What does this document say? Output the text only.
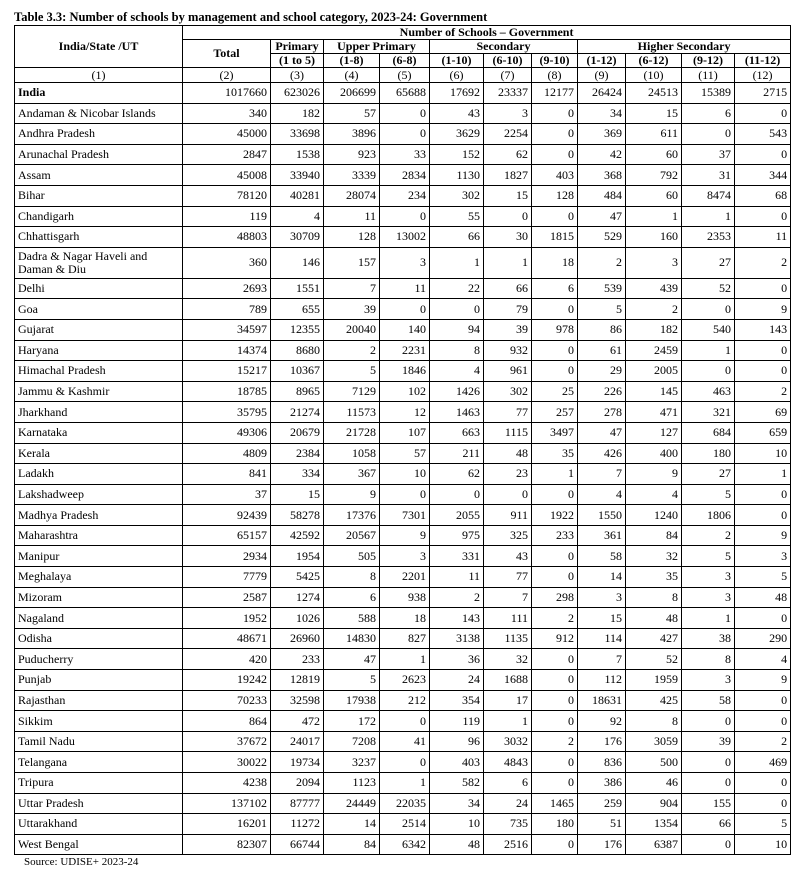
Table 3.3: Number of schools by management and school category, 2023-24: Government
India/State /UT	Number of Schools – Government										
	Total	Primary	Upper Primary		Secondary			Higher Secondary			
		(1 to 5)	(1-8)	(6-8)	(1-10)	(6-10)	(9-10)	(1-12)	(6-12)	(9-12)	(11-12)
(1)	(2)	(3)	(4)	(5)	(6)	(7)	(8)	(9)	(10)	(11)	(12)
India	1017660	623026	206699	65688	17692	23337	12177	26424	24513	15389	2715
Andaman & Nicobar Islands	340	182	57	0	43	3	0	34	15	6	0
Andhra Pradesh	45000	33698	3896	0	3629	2254	0	369	611	0	543
Arunachal Pradesh	2847	1538	923	33	152	62	0	42	60	37	0
Assam	45008	33940	3339	2834	1130	1827	403	368	792	31	344
Bihar	78120	40281	28074	234	302	15	128	484	60	8474	68
Chandigarh	119	4	11	0	55	0	0	47	1	1	0
Chhattisgarh	48803	30709	128	13002	66	30	1815	529	160	2353	11
Dadra & Nagar Haveli and Daman & Diu	360	146	157	3	1	1	18	2	3	27	2
Delhi	2693	1551	7	11	22	66	6	539	439	52	0
Goa	789	655	39	0	0	79	0	5	2	0	9
Gujarat	34597	12355	20040	140	94	39	978	86	182	540	143
Haryana	14374	8680	2	2231	8	932	0	61	2459	1	0
Himachal Pradesh	15217	10367	5	1846	4	961	0	29	2005	0	0
Jammu & Kashmir	18785	8965	7129	102	1426	302	25	226	145	463	2
Jharkhand	35795	21274	11573	12	1463	77	257	278	471	321	69
Karnataka	49306	20679	21728	107	663	1115	3497	47	127	684	659
Kerala	4809	2384	1058	57	211	48	35	426	400	180	10
Ladakh	841	334	367	10	62	23	1	7	9	27	1
Lakshadweep	37	15	9	0	0	0	0	4	4	5	0
Madhya Pradesh	92439	58278	17376	7301	2055	911	1922	1550	1240	1806	0
Maharashtra	65157	42592	20567	9	975	325	233	361	84	2	9
Manipur	2934	1954	505	3	331	43	0	58	32	5	3
Meghalaya	7779	5425	8	2201	11	77	0	14	35	3	5
Mizoram	2587	1274	6	938	2	7	298	3	8	3	48
Nagaland	1952	1026	588	18	143	111	2	15	48	1	0
Odisha	48671	26960	14830	827	3138	1135	912	114	427	38	290
Puducherry	420	233	47	1	36	32	0	7	52	8	4
Punjab	19242	12819	5	2623	24	1688	0	112	1959	3	9
Rajasthan	70233	32598	17938	212	354	17	0	18631	425	58	0
Sikkim	864	472	172	0	119	1	0	92	8	0	0
Tamil Nadu	37672	24017	7208	41	96	3032	2	176	3059	39	2
Telangana	30022	19734	3237	0	403	4843	0	836	500	0	469
Tripura	4238	2094	1123	1	582	6	0	386	46	0	0
Uttar Pradesh	137102	87777	24449	22035	34	24	1465	259	904	155	0
Uttarakhand	16201	11272	14	2514	10	735	180	51	1354	66	5
West Bengal	82307	66744	84	6342	48	2516	0	176	6387	0	10
Source: UDISE+ 2023-24
